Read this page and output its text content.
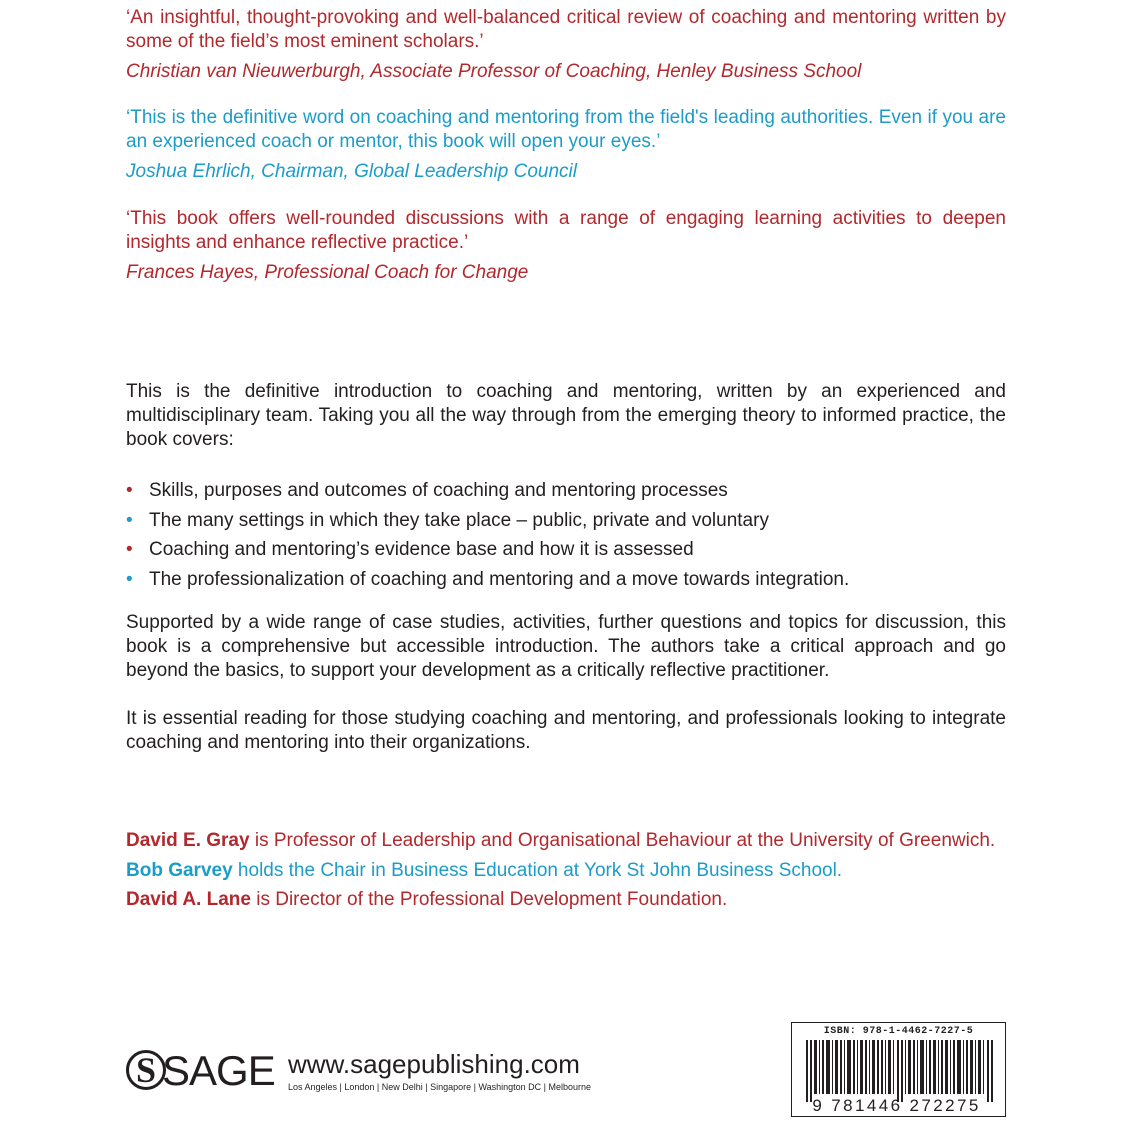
‘An insightful, thought-provoking and well-balanced critical review of coaching and mentoring written by some of the field’s most eminent scholars.’

Christian van Nieuwerburgh, Associate Professor of Coaching, Henley Business School

‘This is the definitive word on coaching and mentoring from the field's leading authorities. Even if you are an experienced coach or mentor, this book will open your eyes.’

Joshua Ehrlich, Chairman, Global Leadership Council

‘This book offers well-rounded discussions with a range of engaging learning activities to deepen insights and enhance reflective practice.’

Frances Hayes, Professional Coach for Change

This is the definitive introduction to coaching and mentoring, written by an experienced and multidisciplinary team. Taking you all the way through from the emerging theory to informed practice, the book covers:

• Skills, purposes and outcomes of coaching and mentoring processes
• The many settings in which they take place – public, private and voluntary
• Coaching and mentoring’s evidence base and how it is assessed
• The professionalization of coaching and mentoring and a move towards integration.

Supported by a wide range of case studies, activities, further questions and topics for discussion, this book is a comprehensive but accessible introduction. The authors take a critical approach and go beyond the basics, to support your development as a critically reflective practitioner.

It is essential reading for those studying coaching and mentoring, and professionals looking to integrate coaching and mentoring into their organizations.

David E. Gray is Professor of Leadership and Organisational Behaviour at the University of Greenwich.

Bob Garvey holds the Chair in Business Education at York St John Business School.

David A. Lane is Director of the Professional Development Foundation.

S SAGE www.sagepublishing.com
Los Angeles | London | New Delhi | Singapore | Washington DC | Melbourne
ISBN: 978-1-4462-7227-5
9 781446 272275
